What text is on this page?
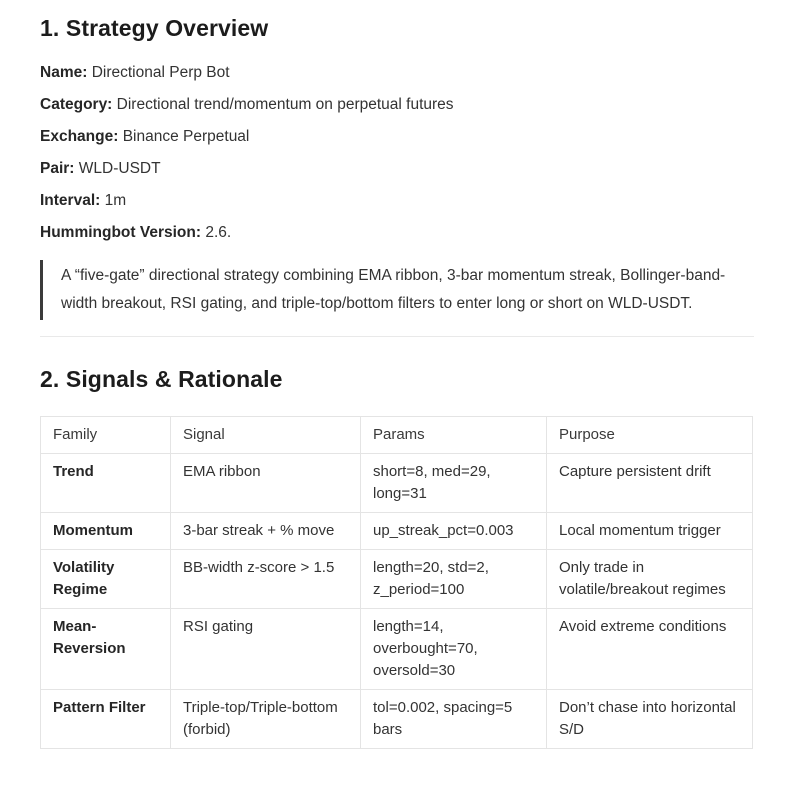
1. Strategy Overview

Name: Directional Perp Bot

Category: Directional trend/momentum on perpetual futures

Exchange: Binance Perpetual

Pair: WLD-USDT

Interval: 1m

Hummingbot Version: 2.6.

A “five-gate” directional strategy combining EMA ribbon, 3-bar momentum streak, Bollinger-band-width breakout, RSI gating, and triple-top/bottom filters to enter long or short on WLD-USDT.

2. Signals & Rationale
Family	Signal	Params	Purpose
Trend	EMA ribbon	short=8, med=29, long=31	Capture persistent drift
Momentum	3-bar streak + % move	up_streak_pct=0.003	Local momentum trigger
Volatility Regime	BB-width z-score > 1.5	length=20, std=2, z_period=100	Only trade in volatile/breakout regimes
Mean-Reversion	RSI gating	length=14, overbought=70, oversold=30	Avoid extreme conditions
Pattern Filter	Triple-top/Triple-bottom (forbid)	tol=0.002, spacing=5 bars	Don’t chase into horizontal S/D
